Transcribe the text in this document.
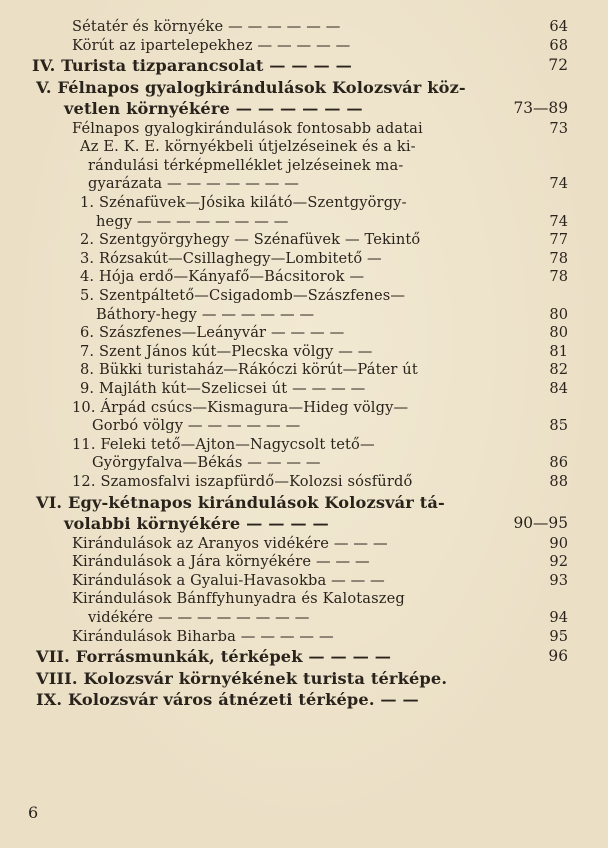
Sétatér és környéke — — — — — —	64
Körút az ipartelepekhez — — — — —	68
IV. Turista tizparancsolat — — — —	72
V. Félnapos gyalogkirándulások Kolozsvár köz-
vetlen környékére — — — — — —	73—89
Félnapos gyalogkirándulások fontosabb adatai	73
Az E. K. E. környékbeli útjelzéseinek és a ki-
rándulási térképmelléklet jelzéseinek ma-
gyarázata — — — — — — —	74
1. Szénafüvek—Jósika kilátó—Szentgyörgy-
hegy — — — — — — — —	74
2. Szentgyörgyhegy — Szénafüvek — Tekintő	77
3. Rózsakút—Csillaghegy—Lombitető —	78
4. Hója erdő—Kányafő—Bácsitorok —	78
5. Szentpáltető—Csigadomb—Szászfenes—
Báthory-hegy — — — — — —	80
6. Szászfenes—Leányvár — — — —	80
7. Szent János kút—Plecska völgy — —	81
8. Bükki turistaház—Rákóczi körút—Páter út	82
9. Majláth kút—Szelicsei út — — — —	84
10. Árpád csúcs—Kismagura—Hideg völgy—
Gorbó völgy — — — — — —	85
11. Feleki tető—Ajton—Nagycsolt tető—
Györgyfalva—Békás — — — —	86
12. Szamosfalvi iszapfürdő—Kolozsi sósfürdő	88
VI. Egy-kétnapos kirándulások Kolozsvár tá-
volabbi környékére — — — —	90—95
Kirándulások az Aranyos vidékére — — —	90
Kirándulások a Jára környékére — — —	92
Kirándulások a Gyalui-Havasokba — — —	93
Kirándulások Bánffyhunyadra és Kalotaszeg
vidékére — — — — — — — —	94
Kirándulások Biharba — — — — —	95
VII. Forrásmunkák, térképek — — — —	96
VIII. Kolozsvár környékének turista térképe.
IX. Kolozsvár város átnézeti térképe. — —
6
